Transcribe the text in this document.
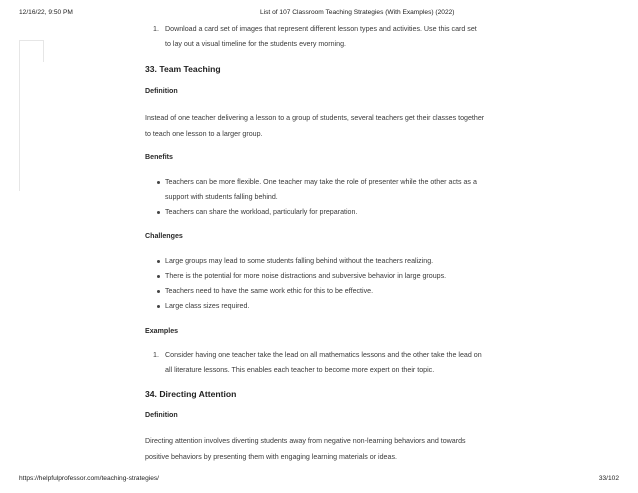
12/16/22, 9:50 PM	List of 107 Classroom Teaching Strategies (With Examples) (2022)
1. Download a card set of images that represent different lesson types and activities. Use this card set
to lay out a visual timeline for the students every morning.
33. Team Teaching
Definition

Instead of one teacher delivering a lesson to a group of students, several teachers get their classes together

to teach one lesson to a larger group.

Benefits
Teachers can be more flexible. One teacher may take the role of presenter while the other acts as a
support with students falling behind.
Teachers can share the workload, particularly for preparation.
Challenges
Large groups may lead to some students falling behind without the teachers realizing.
There is the potential for more noise distractions and subversive behavior in large groups.
Teachers need to have the same work ethic for this to be effective.
Large class sizes required.
Examples
1. Consider having one teacher take the lead on all mathematics lessons and the other take the lead on
all literature lessons. This enables each teacher to become more expert on their topic.
34. Directing Attention
Definition

Directing attention involves diverting students away from negative non-learning behaviors and towards

positive behaviors by presenting them with engaging learning materials or ideas.

https://helpfulprofessor.com/teaching-strategies/	33/102
